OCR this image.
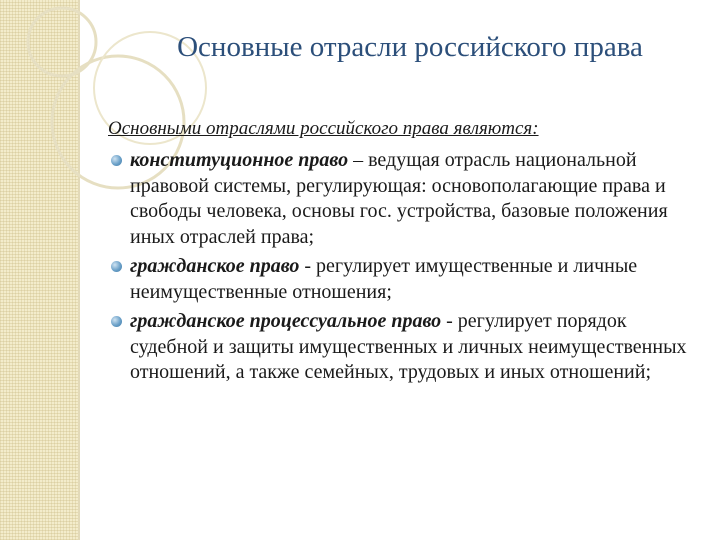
Основные отрасли российского права

Основными отраслями российского права являются:

конституционное право – ведущая отрасль национальной правовой системы, регулирующая: основополагающие права и свободы человека, основы гос. устройства, базовые положения иных отраслей права;
гражданское право - регулирует имущественные и личные неимущественные отношения;
гражданское процессуальное право - регулирует порядок судебной и защиты имущественных и личных неимущественных отношений, а также семейных, трудовых и иных отношений;
